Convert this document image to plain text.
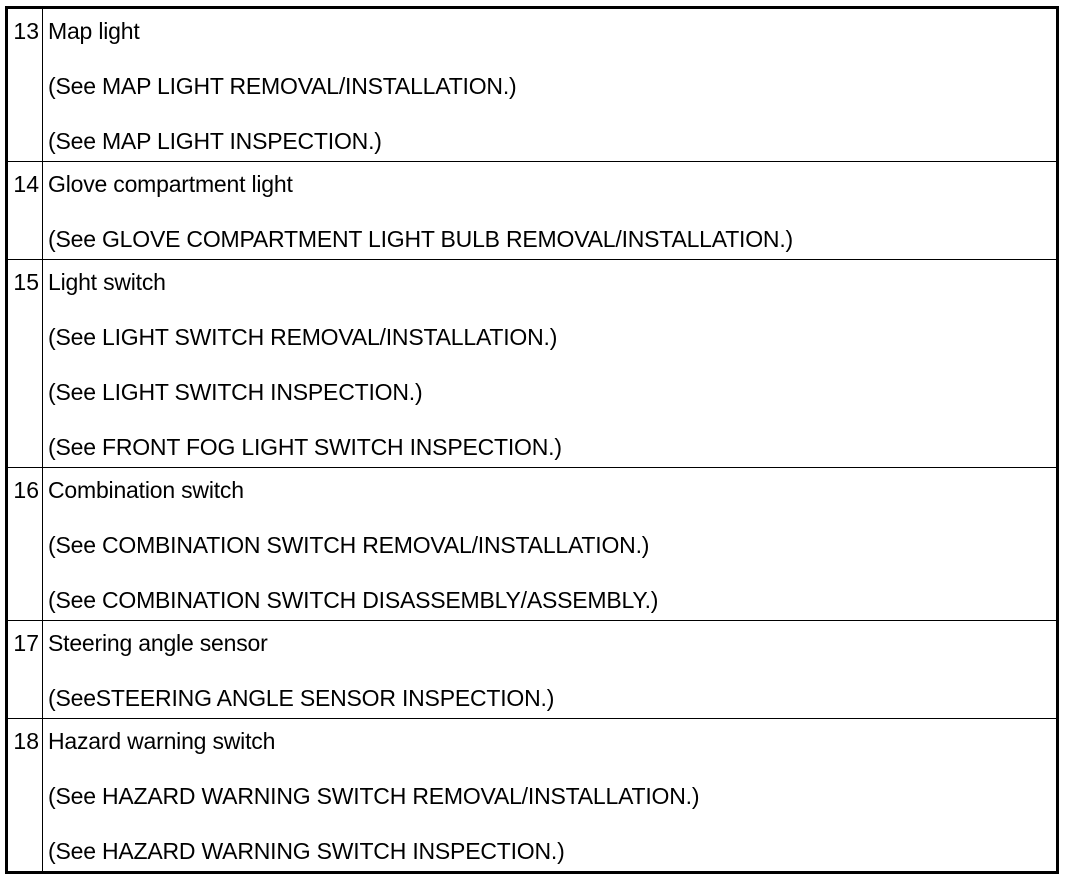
13	Map light
(See MAP LIGHT REMOVAL/INSTALLATION.)
(See MAP LIGHT INSPECTION.)

14	Glove compartment light
(See GLOVE COMPARTMENT LIGHT BULB REMOVAL/INSTALLATION.)

15	Light switch
(See LIGHT SWITCH REMOVAL/INSTALLATION.)
(See LIGHT SWITCH INSPECTION.)
(See FRONT FOG LIGHT SWITCH INSPECTION.)

16	Combination switch
(See COMBINATION SWITCH REMOVAL/INSTALLATION.)
(See COMBINATION SWITCH DISASSEMBLY/ASSEMBLY.)

17	Steering angle sensor
(SeeSTEERING ANGLE SENSOR INSPECTION.)

18	Hazard warning switch
(See HAZARD WARNING SWITCH REMOVAL/INSTALLATION.)
(See HAZARD WARNING SWITCH INSPECTION.)
